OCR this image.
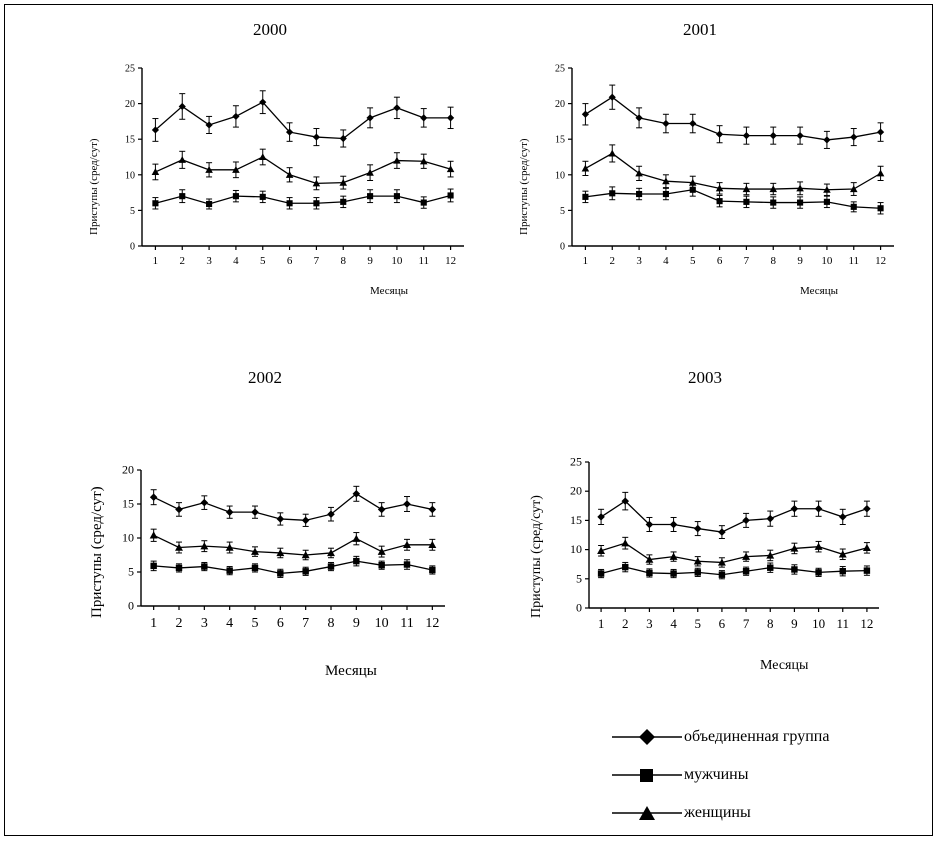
2000
Приступы (сред/сут)
0
5
10
15
20
25
1 2 3 4 5 6 7 8 9 10 11 12
Месяцы
2001
Приступы (сред/сут)
0
5
10
15
20
25
1 2 3 4 5 6 7 8 9 10 11 12
Месяцы
2002
Приступы (сред/сут) 0
5
10
15
20
1 2 3 4 5 6 7 8 9 10 11 12
Месяцы
2003
Приступы (сред/сут)	0
5
10
15
20
25
1 2 3 4 5 6 7 8 9 10 11 12
Месяцы
объединенная группа
мужчины
женщины
